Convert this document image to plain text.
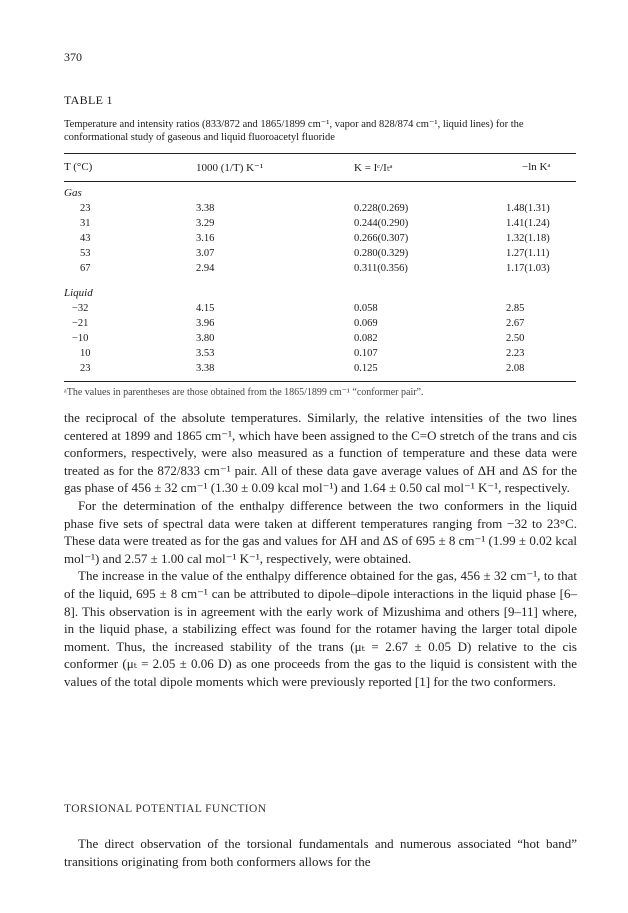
370
TABLE 1
Temperature and intensity ratios (833/872 and 1865/1899 cm⁻¹, vapor and 828/874 cm⁻¹, liquid lines) for the conformational study of gaseous and liquid fluoroacetyl fluoride
T (°C)	1000 (1/T) K⁻¹	K = Iᶜ/Iₜᵃ	−ln Kᵃ
Gas
23	3.38	0.228(0.269)	1.48(1.31)
31	3.29	0.244(0.290)	1.41(1.24)
43	3.16	0.266(0.307)	1.32(1.18)
53	3.07	0.280(0.329)	1.27(1.11)
67	2.94	0.311(0.356)	1.17(1.03)
Liquid
−32	4.15	0.058	2.85
−21	3.96	0.069	2.67
−10	3.80	0.082	2.50
10	3.53	0.107	2.23
23	3.38	0.125	2.08
ᵃThe values in parentheses are those obtained from the 1865/1899 cm⁻¹ “conformer pair”.

the reciprocal of the absolute temperatures. Similarly, the relative intensities of the two lines centered at 1899 and 1865 cm⁻¹, which have been assigned to the C=O stretch of the trans and cis conformers, respectively, were also measured as a function of temperature and these data were treated as for the 872/833 cm⁻¹ pair. All of these data gave average values of ΔH and ΔS for the gas phase of 456 ± 32 cm⁻¹ (1.30 ± 0.09 kcal mol⁻¹) and 1.64 ± 0.50 cal mol⁻¹ K⁻¹, respectively.

For the determination of the enthalpy difference between the two conformers in the liquid phase five sets of spectral data were taken at different temperatures ranging from −32 to 23°C. These data were treated as for the gas and values for ΔH and ΔS of 695 ± 8 cm⁻¹ (1.99 ± 0.02 kcal mol⁻¹) and 2.57 ± 1.00 cal mol⁻¹ K⁻¹, respectively, were obtained.

The increase in the value of the enthalpy difference obtained for the gas, 456 ± 32 cm⁻¹, to that of the liquid, 695 ± 8 cm⁻¹ can be attributed to dipole–dipole interactions in the liquid phase [6–8]. This observation is in agreement with the early work of Mizushima and others [9–11] where, in the liquid phase, a stabilizing effect was found for the rotamer having the larger total dipole moment. Thus, the increased stability of the trans (μₜ = 2.67 ± 0.05 D) relative to the cis conformer (μₜ = 2.05 ± 0.06 D) as one proceeds from the gas to the liquid is consistent with the values of the total dipole moments which were previously reported [1] for the two conformers.

TORSIONAL POTENTIAL FUNCTION
The direct observation of the torsional fundamentals and numerous associated “hot band” transitions originating from both conformers allows for the
